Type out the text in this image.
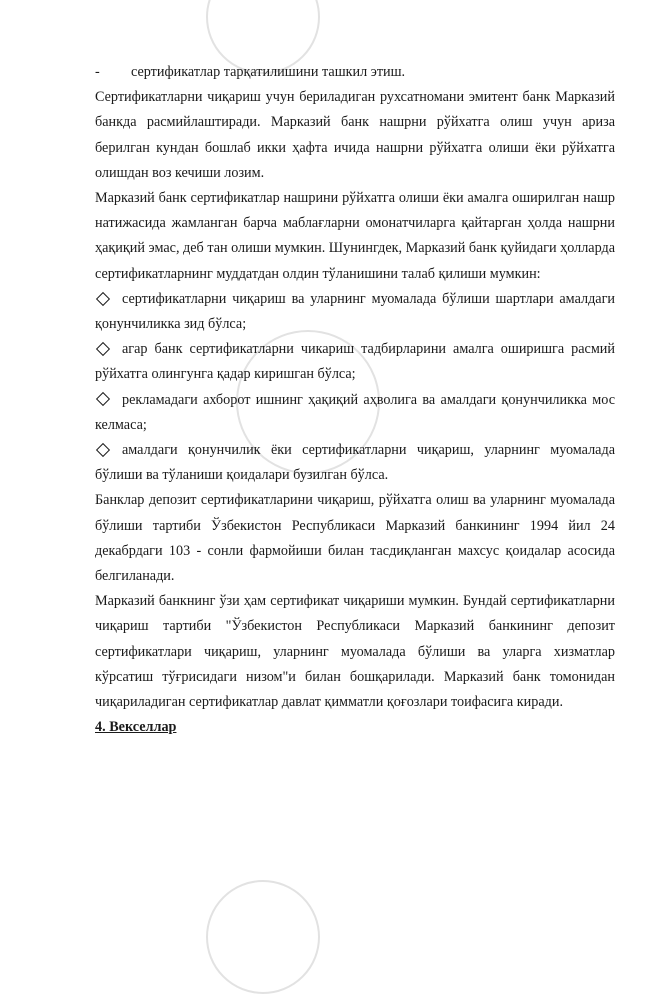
-	сертификатлар тарқатилишини ташкил этиш.

Сертификатларни чиқариш учун бериладиган рухсатномани эмитент банк Марказий банкда расмийлаштиради. Марказий банк нашрни рўйхатга олиш учун ариза берилган кундан бошлаб икки ҳафта ичида нашрни рўйхатга олиши ёки рўйхатга олишдан воз кечиши лозим.

Марказий банк сертификатлар нашрини рўйхатга олиши ёки амалга оширилган нашр натижасида жамланган барча маблағларни омонатчиларга қайтарган ҳолда нашрни ҳақиқий эмас, деб тан олиши мумкин. Шунингдек, Марказий банк қуйидаги ҳолларда сертификатларнинг муддатдан олдин тўланишини талаб қилиши мумкин:

сертификатларни чиқариш ва уларнинг муомалада бўлиши шартлари амалдаги қонунчиликка зид бўлса;

агар банк сертификатларни чикариш тадбирларини амалга оширишга расмий рўйхатга олингунга қадар киришган бўлса;

рекламадаги ахборот ишнинг ҳақиқий аҳволига ва амалдаги қонунчиликка мос келмаса;

амалдаги қонунчилик ёки сертификатларни чиқариш, уларнинг муомалада бўлиши ва тўланиши қоидалари бузилган бўлса.

Банклар депозит сертификатларини чиқариш, рўйхатга олиш ва уларнинг муомалада бўлиши тартиби Ўзбекистон Республикаси Марказий банкининг 1994 йил 24 декабрдаги 103 - сонли фармойиши билан тасдиқланган махсус қоидалар асосида белгиланади.

Марказий банкнинг ўзи ҳам сертификат чиқариши мумкин. Бундай сертификатларни чиқариш тартиби "Ўзбекистон Республикаси Марказий банкининг депозит сертификатлари чиқариш, уларнинг муомалада бўлиши ва уларга хизматлар кўрсатиш тўғрисидаги низом"и билан бошқарилади. Марказий банк томонидан чиқариладиган сертификатлар давлат қимматли қоғозлари тоифасига киради.

4. Векселлар
